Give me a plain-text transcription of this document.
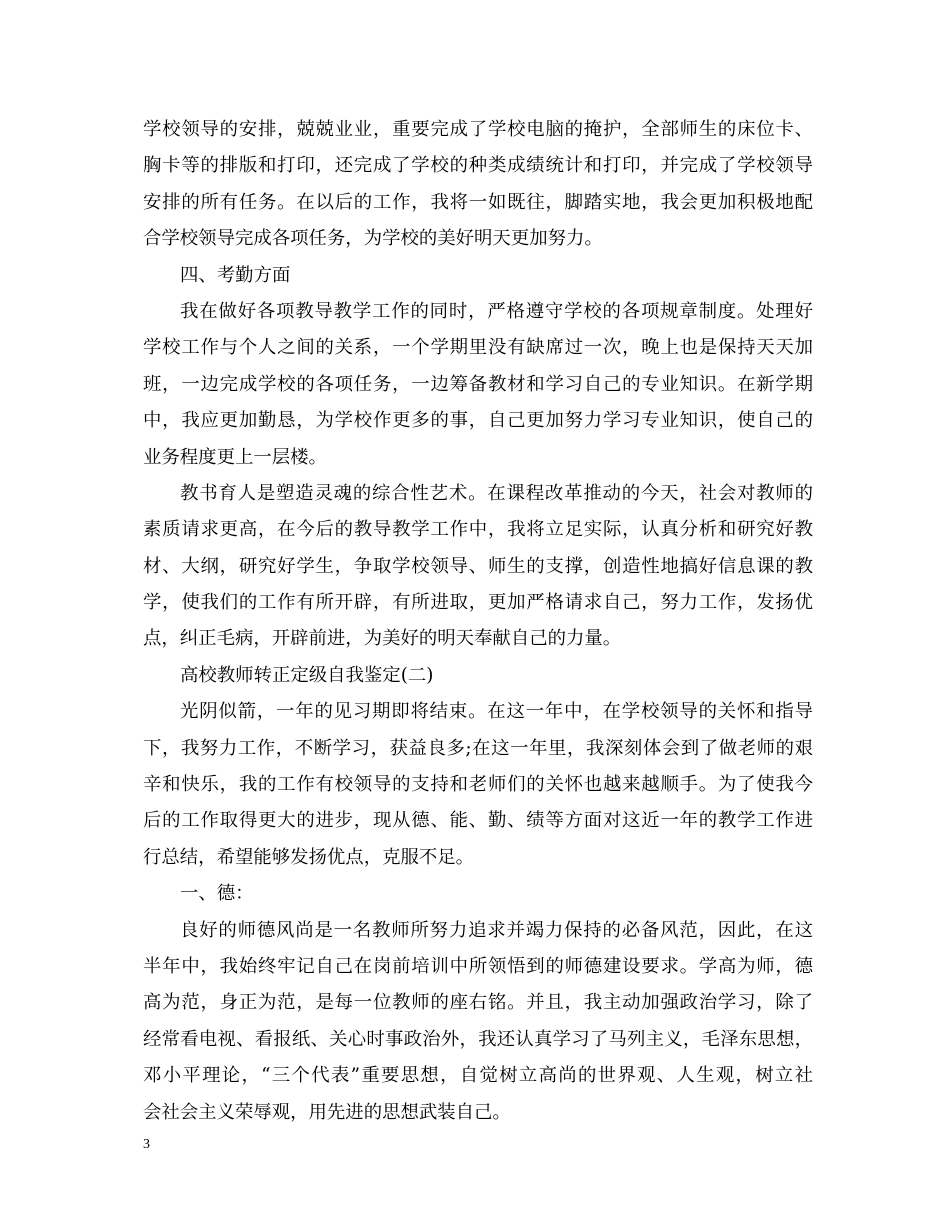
学校领导的安排，兢兢业业，重要完成了学校电脑的掩护，全部师生的床位卡、
胸卡等的排版和打印，还完成了学校的种类成绩统计和打印，并完成了学校领导
安排的所有任务。在以后的工作，我将一如既往，脚踏实地，我会更加积极地配
合学校领导完成各项任务，为学校的美好明天更加努力。
四、考勤方面
我在做好各项教导教学工作的同时，严格遵守学校的各项规章制度。处理好
学校工作与个人之间的关系，一个学期里没有缺席过一次，晚上也是保持天天加
班，一边完成学校的各项任务，一边筹备教材和学习自己的专业知识。在新学期
中，我应更加勤恳，为学校作更多的事，自己更加努力学习专业知识，使自己的
业务程度更上一层楼。
教书育人是塑造灵魂的综合性艺术。在课程改革推动的今天，社会对教师的
素质请求更高，在今后的教导教学工作中，我将立足实际，认真分析和研究好教
材、大纲，研究好学生，争取学校领导、师生的支撑，创造性地搞好信息课的教
学，使我们的工作有所开辟，有所进取，更加严格请求自己，努力工作，发扬优
点，纠正毛病，开辟前进，为美好的明天奉献自己的力量。
高校教师转正定级自我鉴定(二)
光阴似箭，一年的见习期即将结束。在这一年中，在学校领导的关怀和指导
下，我努力工作，不断学习，获益良多;在这一年里，我深刻体会到了做老师的艰
辛和快乐，我的工作有校领导的支持和老师们的关怀也越来越顺手。为了使我今
后的工作取得更大的进步，现从德、能、勤、绩等方面对这近一年的教学工作进
行总结，希望能够发扬优点，克服不足。
一、德：
良好的师德风尚是一名教师所努力追求并竭力保持的必备风范，因此，在这
半年中，我始终牢记自己在岗前培训中所领悟到的师德建设要求。学高为师，德
高为范，身正为范，是每一位教师的座右铭。并且，我主动加强政治学习，除了
经常看电视、看报纸、关心时事政治外，我还认真学习了马列主义，毛泽东思想，
邓小平理论，“三个代表”重要思想，自觉树立高尚的世界观、人生观，树立社
会社会主义荣辱观，用先进的思想武装自己。
3
